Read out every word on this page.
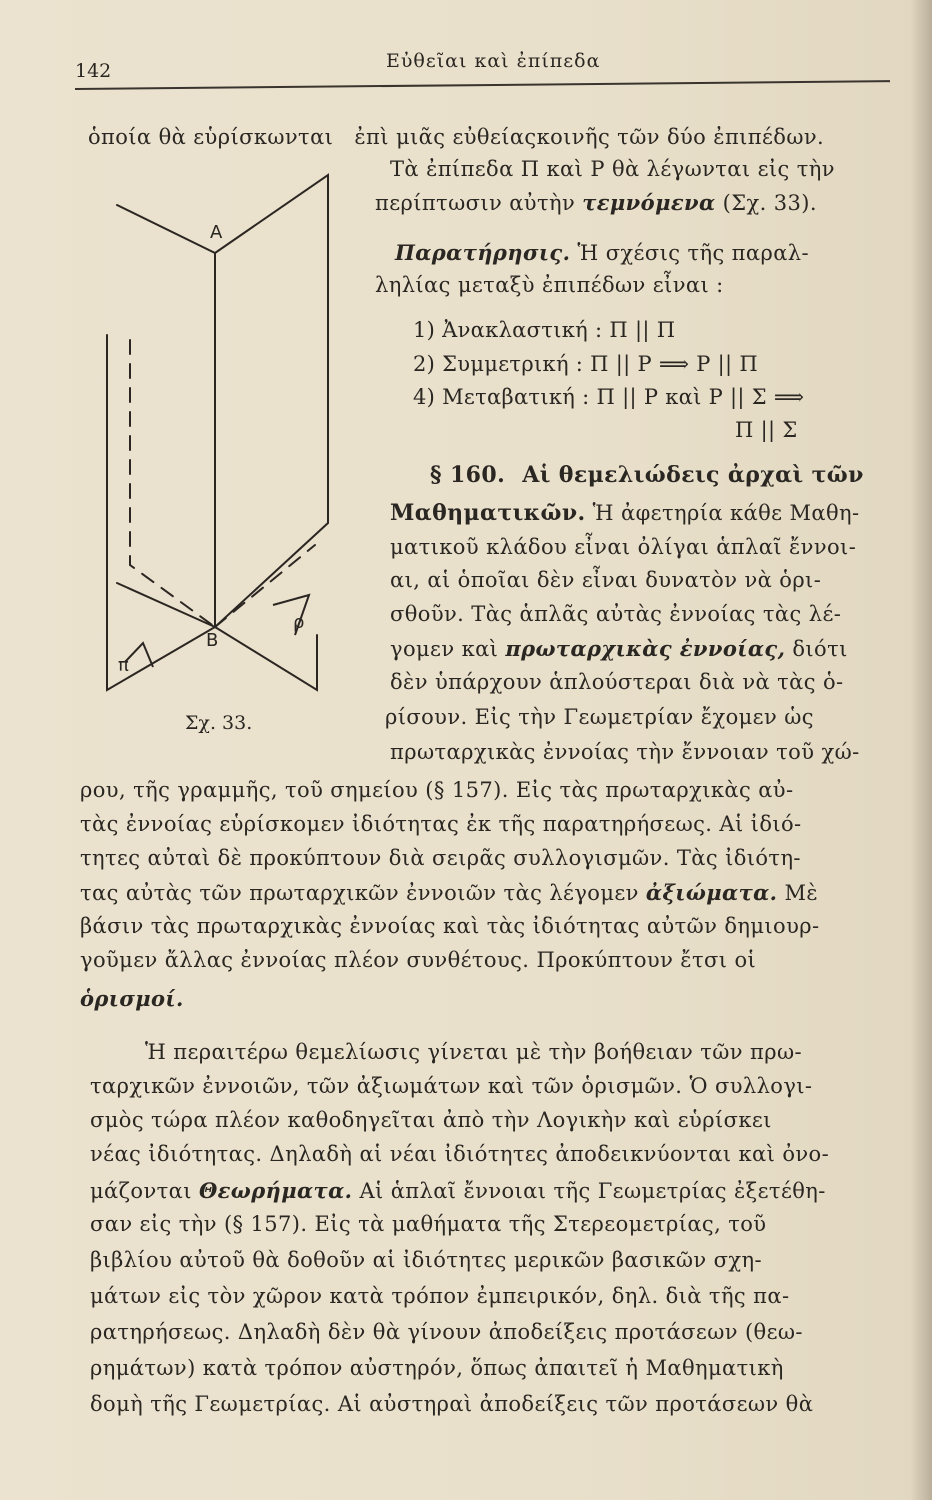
142	Εὐθεῖαι καὶ ἐπίπεδα
Α
Β
π
ρ
Σχ. 33.
ὁποία θὰ εὑρίσκωνται ἐπὶ μιᾶς εὐθείαςκοινῆς τῶν δύο ἐπιπέδων.
Τὰ ἐπίπεδα Π καὶ Ρ θὰ λέγωνται εἰς τὴν
περίπτωσιν αὐτὴν τεμνόμενα (Σχ. 33).
Παρατήρησις. Ἡ σχέσις τῆς παραλ-
ληλίας μεταξὺ ἐπιπέδων εἶναι :
1) Ἀνακλαστική : Π || Π
2) Συμμετρική : Π || Ρ ⟹ Ρ || Π
4) Μεταβατική : Π || Ρ καὶ Ρ || Σ ⟹
Π || Σ
§ 160. Αἱ θεμελιώδεις ἀρχαὶ τῶν
Μαθηματικῶν. Ἡ ἀφετηρία κάθε Μαθη-
ματικοῦ κλάδου εἶναι ὀλίγαι ἁπλαῖ ἔννοι-
αι, αἱ ὁποῖαι δὲν εἶναι δυνατὸν νὰ ὁρι-
σθοῦν. Τὰς ἁπλᾶς αὐτὰς ἐννοίας τὰς λέ-
γομεν καὶ πρωταρχικὰς ἐννοίας, διότι
δὲν ὑπάρχουν ἁπλούστεραι διὰ νὰ τὰς ὁ-
ρίσουν. Εἰς τὴν Γεωμετρίαν ἔχομεν ὡς
πρωταρχικὰς ἐννοίας τὴν ἔννοιαν τοῦ χώ-
ρου, τῆς γραμμῆς, τοῦ σημείου (§ 157). Εἰς τὰς πρωταρχικὰς αὐ-
τὰς ἐννοίας εὑρίσκομεν ἰδιότητας ἐκ τῆς παρατηρήσεως. Αἱ ἰδιό-
τητες αὐταὶ δὲ προκύπτουν διὰ σειρᾶς συλλογισμῶν. Τὰς ἰδιότη-
τας αὐτὰς τῶν πρωταρχικῶν ἐννοιῶν τὰς λέγομεν ἀξιώματα. Μὲ
βάσιν τὰς πρωταρχικὰς ἐννοίας καὶ τὰς ἰδιότητας αὐτῶν δημιουρ-
γοῦμεν ἄλλας ἐννοίας πλέον συνθέτους. Προκύπτουν ἔτσι οἱ
ὁρισμοί.
Ἡ περαιτέρω θεμελίωσις γίνεται μὲ τὴν βοήθειαν τῶν πρω-
ταρχικῶν ἐννοιῶν, τῶν ἀξιωμάτων καὶ τῶν ὁρισμῶν. Ὁ συλλογι-
σμὸς τώρα πλέον καθοδηγεῖται ἀπὸ τὴν Λογικὴν καὶ εὑρίσκει
νέας ἰδιότητας. Δηλαδὴ αἱ νέαι ἰδιότητες ἀποδεικνύονται καὶ ὀνο-
μάζονται Θεωρήματα. Αἱ ἁπλαῖ ἔννοιαι τῆς Γεωμετρίας ἐξετέθη-
σαν εἰς τὴν (§ 157). Εἰς τὰ μαθήματα τῆς Στερεομετρίας, τοῦ
βιβλίου αὐτοῦ θὰ δοθοῦν αἱ ἰδιότητες μερικῶν βασικῶν σχη-
μάτων εἰς τὸν χῶρον κατὰ τρόπον ἐμπειρικόν, δηλ. διὰ τῆς πα-
ρατηρήσεως. Δηλαδὴ δὲν θὰ γίνουν ἀποδείξεις προτάσεων (θεω-
ρημάτων) κατὰ τρόπον αὐστηρόν, ὅπως ἀπαιτεῖ ἡ Μαθηματικὴ
δομὴ τῆς Γεωμετρίας. Αἱ αὐστηραὶ ἀποδείξεις τῶν προτάσεων θὰ
